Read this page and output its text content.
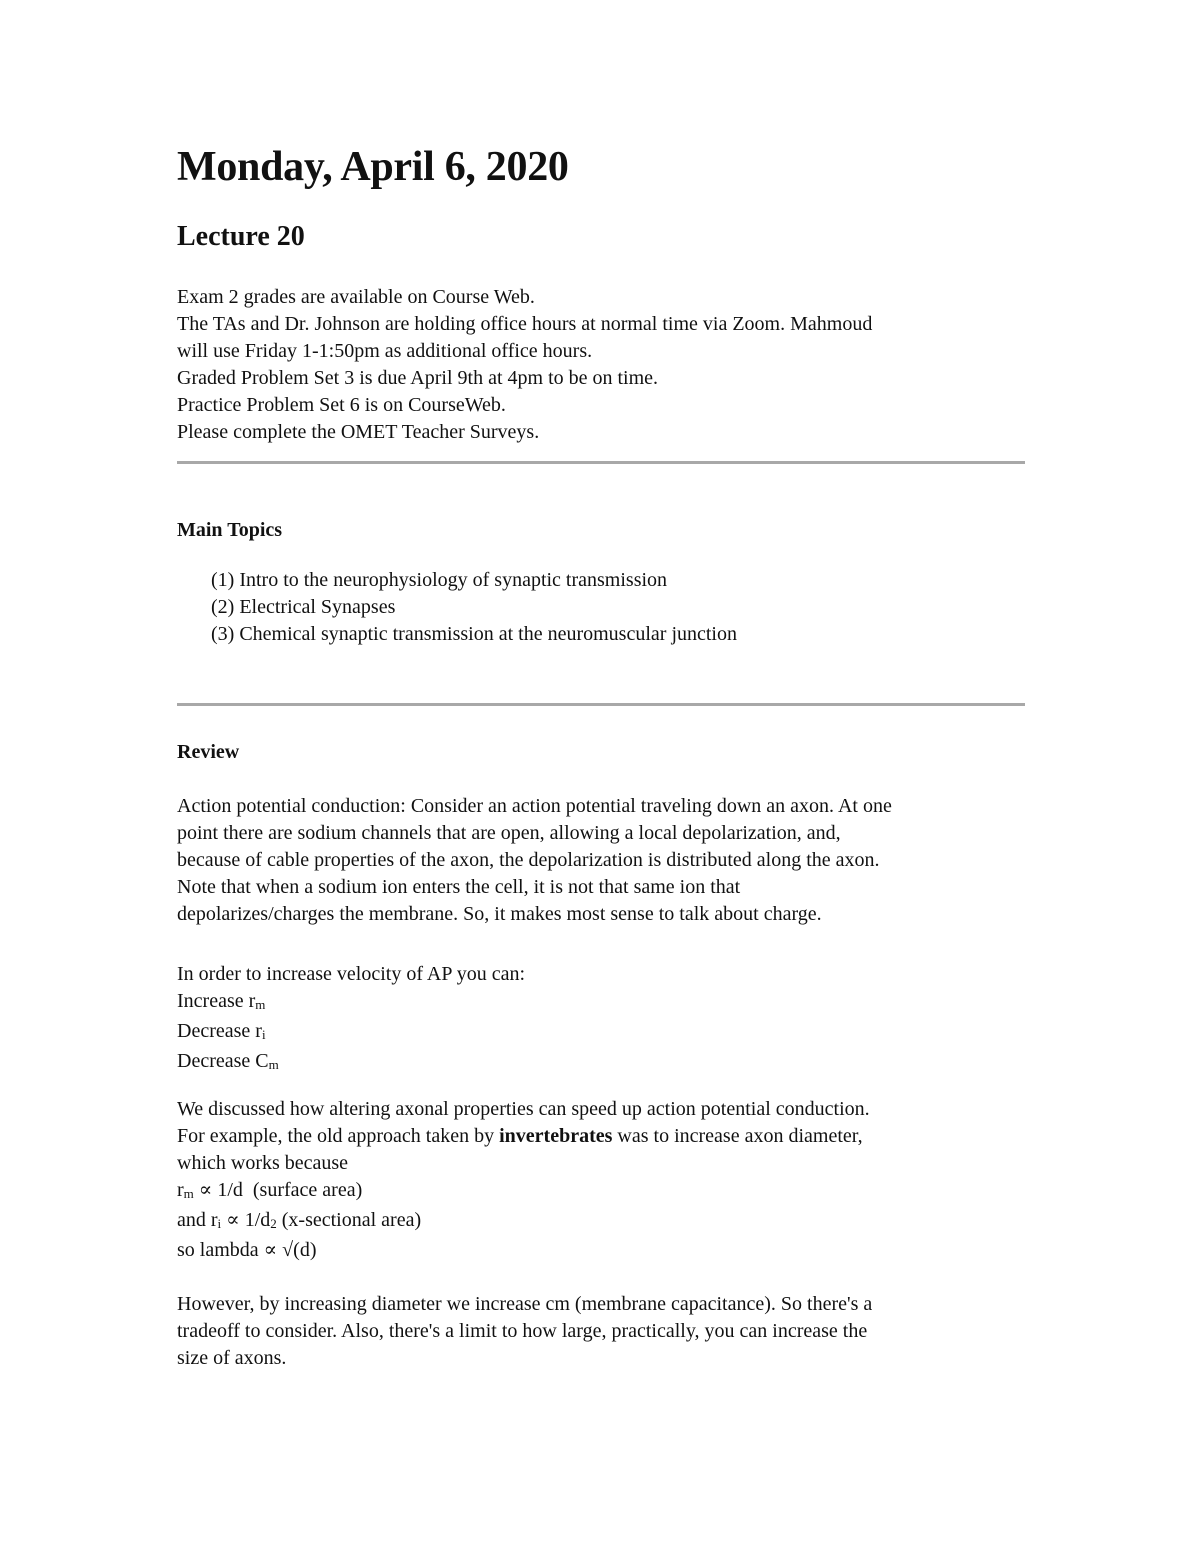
Monday, April 6, 2020
Lecture 20
Exam 2 grades are available on Course Web.
The TAs and Dr. Johnson are holding office hours at normal time via Zoom. Mahmoud
will use Friday 1-1:50pm as additional office hours.
Graded Problem Set 3 is due April 9th at 4pm to be on time.
Practice Problem Set 6 is on CourseWeb.
Please complete the OMET Teacher Surveys.
Main Topics
(1) Intro to the neurophysiology of synaptic transmission
(2) Electrical Synapses
(3) Chemical synaptic transmission at the neuromuscular junction
Review
Action potential conduction: Consider an action potential traveling down an axon. At one
point there are sodium channels that are open, allowing a local depolarization, and,
because of cable properties of the axon, the depolarization is distributed along the axon.
Note that when a sodium ion enters the cell, it is not that same ion that
depolarizes/charges the membrane. So, it makes most sense to talk about charge.
In order to increase velocity of AP you can:
Increase rm
Decrease ri
Decrease Cm
We discussed how altering axonal properties can speed up action potential conduction.
For example, the old approach taken by invertebrates was to increase axon diameter,
which works because
rm ∝ 1/d  (surface area)
and ri ∝ 1/d2 (x-sectional area)
so lambda ∝ √(d)
However, by increasing diameter we increase cm (membrane capacitance). So there's a
tradeoff to consider. Also, there's a limit to how large, practically, you can increase the
size of axons.
